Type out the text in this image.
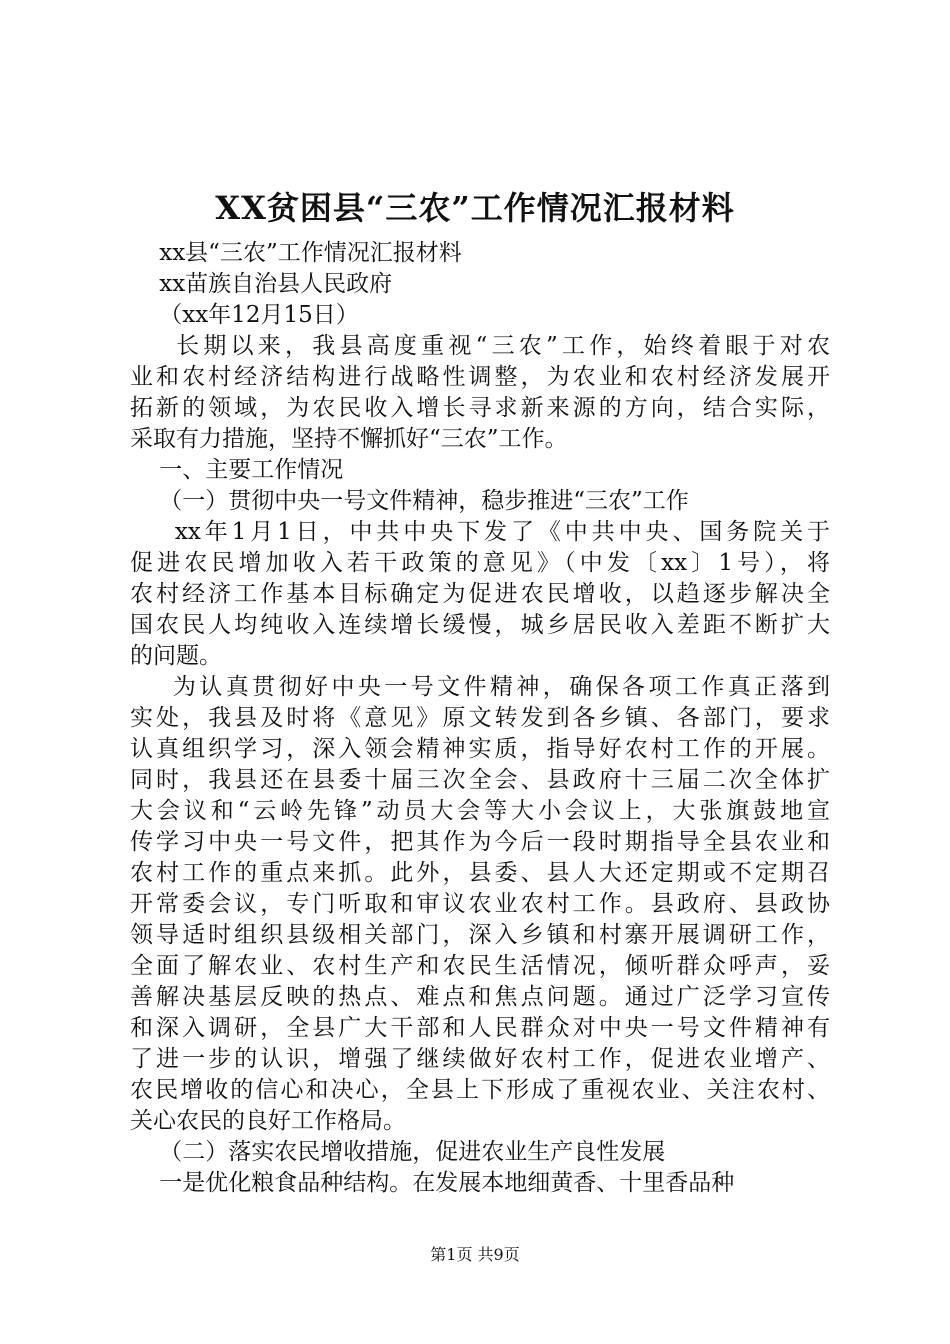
XX贫困县“三农”工作情况汇报材料
xx县“三农”工作情况汇报材料
xx苗族自治县人民政府
（xx年12月15日）
长期以来，我县高度重视“三农”工作，始终着眼于对农
业和农村经济结构进行战略性调整，为农业和农村经济发展开
拓新的领域，为农民收入增长寻求新来源的方向，结合实际，
采取有力措施，坚持不懈抓好“三农”工作。
一、主要工作情况
（一）贯彻中央一号文件精神，稳步推进“三农”工作
xx年1月1日，中共中央下发了《中共中央、国务院关于
促进农民增加收入若干政策的意见》（中发〔xx〕1号），将
农村经济工作基本目标确定为促进农民增收，以趋逐步解决全
国农民人均纯收入连续增长缓慢，城乡居民收入差距不断扩大
的问题。
为认真贯彻好中央一号文件精神，确保各项工作真正落到
实处，我县及时将《意见》原文转发到各乡镇、各部门，要求
认真组织学习，深入领会精神实质，指导好农村工作的开展。
同时，我县还在县委十届三次全会、县政府十三届二次全体扩
大会议和“云岭先锋”动员大会等大小会议上，大张旗鼓地宣
传学习中央一号文件，把其作为今后一段时期指导全县农业和
农村工作的重点来抓。此外，县委、县人大还定期或不定期召
开常委会议，专门听取和审议农业农村工作。县政府、县政协
领导适时组织县级相关部门，深入乡镇和村寨开展调研工作，
全面了解农业、农村生产和农民生活情况，倾听群众呼声，妥
善解决基层反映的热点、难点和焦点问题。通过广泛学习宣传
和深入调研，全县广大干部和人民群众对中央一号文件精神有
了进一步的认识，增强了继续做好农村工作，促进农业增产、
农民增收的信心和决心，全县上下形成了重视农业、关注农村、
关心农民的良好工作格局。
（二）落实农民增收措施，促进农业生产良性发展
一是优化粮食品种结构。在发展本地细黄香、十里香品种
第1页 共9页
